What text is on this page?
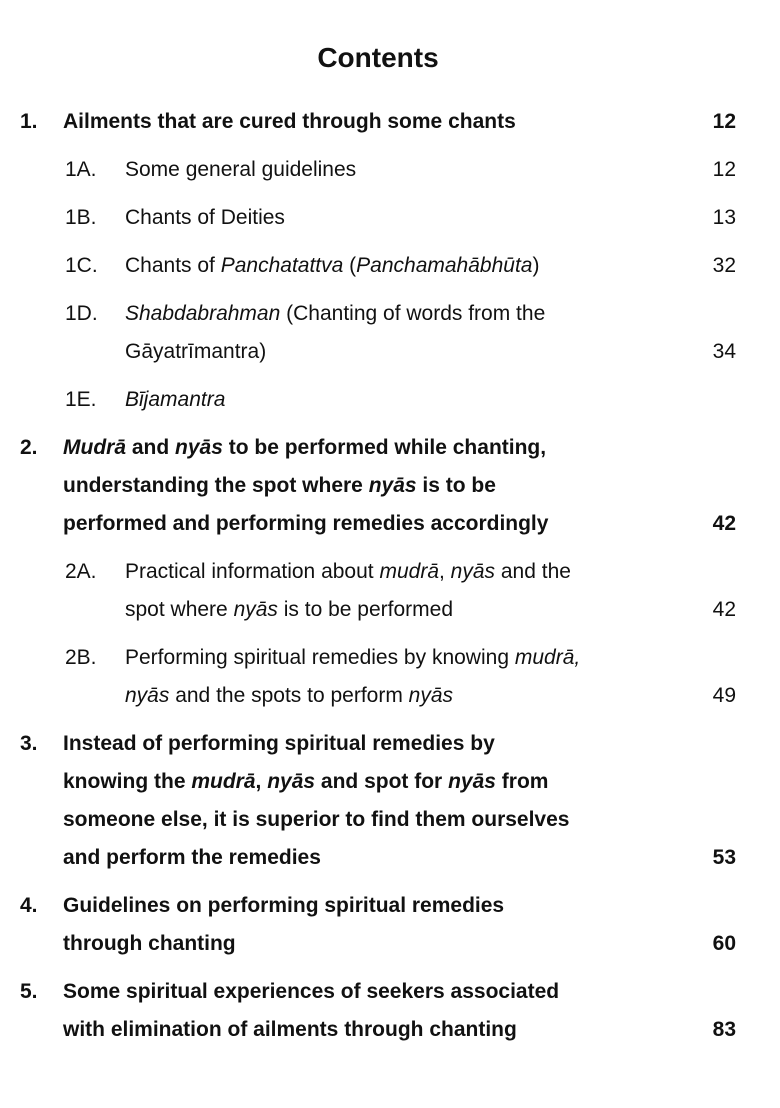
Contents
1. Ailments that are cured through some chants	12
1A. Some general guidelines	12
1B. Chants of Deities	13
1C. Chants of Panchatattva (Panchamahābhūta)	32
1D. Shabdabrahman (Chanting of words from the
Gāyatrīmantra)	34
1E. Bījamantra
2. Mudrā and nyās to be performed while chanting,
understanding the spot where nyās is to be
performed and performing remedies accordingly	42
2A. Practical information about mudrā, nyās and the
spot where nyās is to be performed	42
2B. Performing spiritual remedies by knowing mudrā,
nyās and the spots to perform nyās	49
3. Instead of performing spiritual remedies by
knowing the mudrā, nyās and spot for nyās from
someone else, it is superior to find them ourselves
and perform the remedies	53
4. Guidelines on performing spiritual remedies
through chanting	60
5. Some spiritual experiences of seekers associated
with elimination of ailments through chanting	83
